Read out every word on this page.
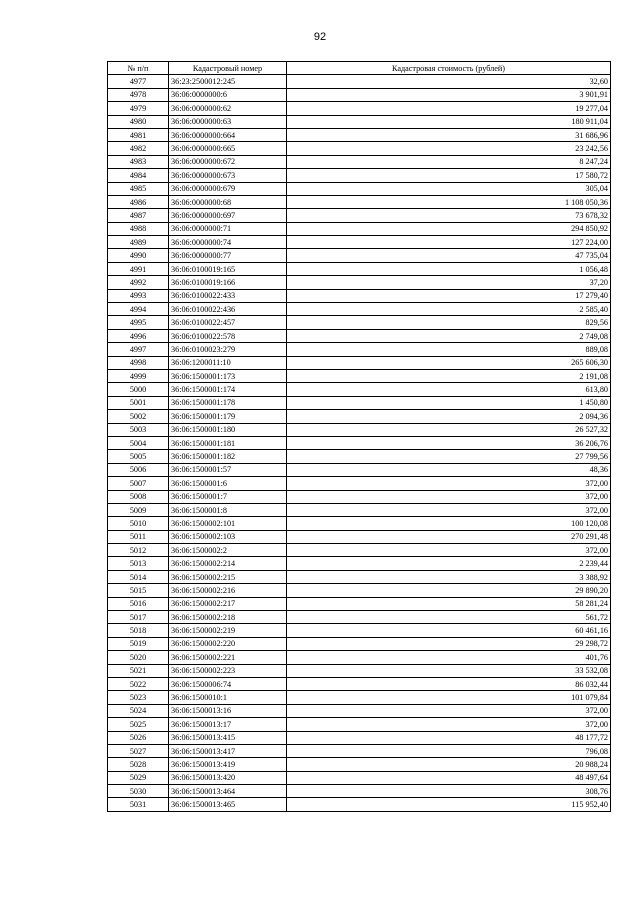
92
№ п/п	Кадастровый номер	Кадастровая стоимость (рублей)
4977	36:23:2500012:245	32,60
4978	36:06:0000000:6	3 901,91
4979	36:06:0000000:62	19 277,04
4980	36:06:0000000:63	180 911,04
4981	36:06:0000000:664	31 686,96
4982	36:06:0000000:665	23 242,56
4983	36:06:0000000:672	8 247,24
4984	36:06:0000000:673	17 580,72
4985	36:06:0000000:679	305,04
4986	36:06:0000000:68	1 108 050,36
4987	36:06:0000000:697	73 678,32
4988	36:06:0000000:71	294 850,92
4989	36:06:0000000:74	127 224,00
4990	36:06:0000000:77	47 735,04
4991	36:06:0100019:165	1 056,48
4992	36:06:0100019:166	37,20
4993	36:06:0100022:433	17 279,40
4994	36:06:0100022:436	2 585,40
4995	36:06:0100022:457	829,56
4996	36:06:0100022:578	2 749,08
4997	36:06:0100023:279	889,08
4998	36:06:1200011:10	265 606,30
4999	36:06:1500001:173	2 191,08
5000	36:06:1500001:174	613,80
5001	36:06:1500001:178	1 450,80
5002	36:06:1500001:179	2 094,36
5003	36:06:1500001:180	26 527,32
5004	36:06:1500001:181	36 206,76
5005	36:06:1500001:182	27 799,56
5006	36:06:1500001:57	48,36
5007	36:06:1500001:6	372,00
5008	36:06:1500001:7	372,00
5009	36:06:1500001:8	372,00
5010	36:06:1500002:101	100 120,08
5011	36:06:1500002:103	270 291,48
5012	36:06:1500002:2	372,00
5013	36:06:1500002:214	2 239,44
5014	36:06:1500002:215	3 388,92
5015	36:06:1500002:216	29 890,20
5016	36:06:1500002:217	58 281,24
5017	36:06:1500002:218	561,72
5018	36:06:1500002:219	60 461,16
5019	36:06:1500002:220	29 298,72
5020	36:06:1500002:221	401,76
5021	36:06:1500002:223	33 532,08
5022	36:06:1500006:74	86 032,44
5023	36:06:1500010:1	101 079,84
5024	36:06:1500013:16	372,00
5025	36:06:1500013:17	372,00
5026	36:06:1500013:415	48 177,72
5027	36:06:1500013:417	796,08
5028	36:06:1500013:419	20 988,24
5029	36:06:1500013:420	48 497,64
5030	36:06:1500013:464	308,76
5031	36:06:1500013:465	115 952,40
